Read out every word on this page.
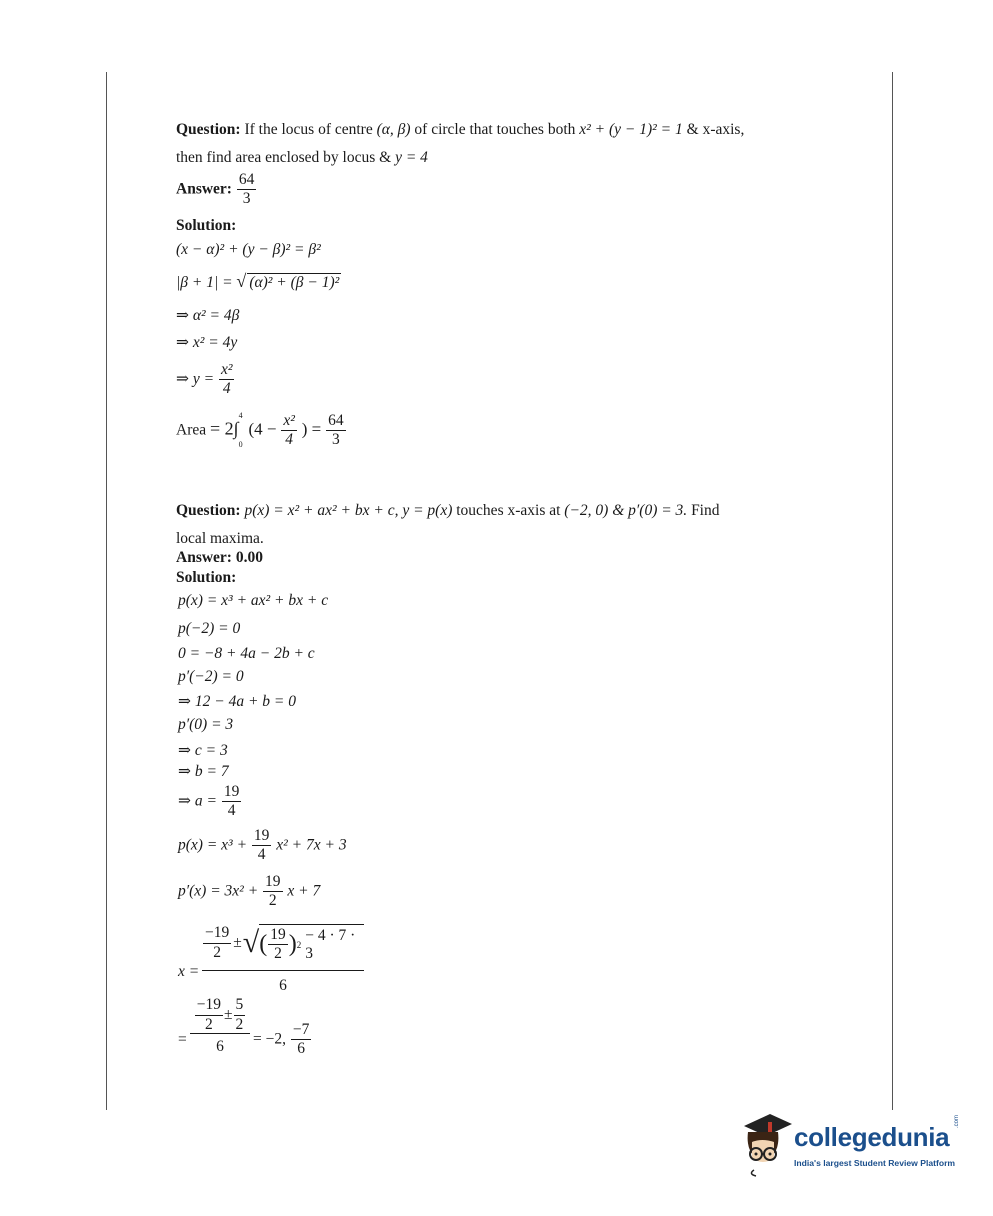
Question: If the locus of centre (α, β) of circle that touches both x² + (y − 1)² = 1 & x-axis,
then find area enclosed by locus & y = 4
Answer: $\frac{64}{3}$
Solution:
(x − α)² + (y − β)² = β²
|β + 1| = √ (α)² + (β − 1)²
⇒ α² = 4β
⇒ x² = 4y
⇒ $y = \frac{\text{x²}}{4}$
Area = 2∫
4
0
($4 - \frac{\text{x²}}{4}$ ) = $\frac{64}{3}$
Question: p(x) = x² + ax² + bx + c, y = p(x) touches x-axis at (−2, 0) & p′(0) = 3. Find
local maxima.
Answer: 0.00
Solution:
p(x) = x³ + ax² + bx + c
p(−2) = 0
0 = −8 + 4a − 2b + c
p′(−2) = 0
⇒ 12 − 4a + b = 0
p′(0) = 3
⇒ c = 3
⇒ b = 7
⇒ $a = \frac{19}{4}$
$p(x) = x^3 + \frac{19}{4} x^2 + 7x + 3$
$p'(x) = 3x^2 + \frac{19}{2}$ x + 7
x =
$\frac{-19}{2}$ ± √ ( $\frac{19}{2}$ ) 2
− 4 · 7 · 3
6
= $\frac{\frac{-19}{2} \pm \frac{5}{2}}{6} = -2$, $\frac{-7}{6}$
collegedunia
.com
India's largest Student Review Platform
